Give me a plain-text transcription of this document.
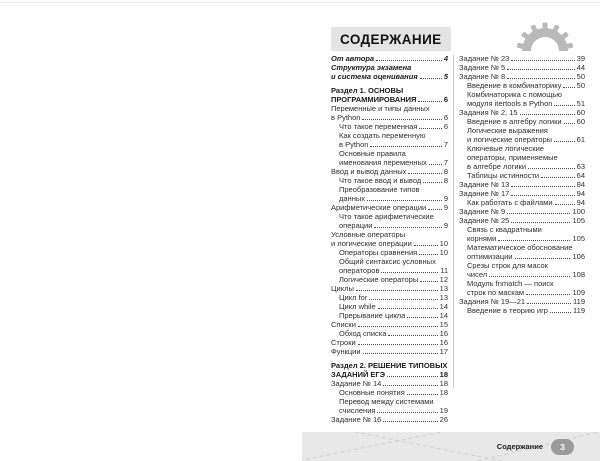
СОДЕРЖАНИЕ
От автора	4
Структура экзамена
и система оценивания	5
Раздел 1. ОСНОВЫ
ПРОГРАММИРОВАНИЯ	6
Переменные и типы данных
в Python	6
Что такое переменная	6
Как создать переменную
в Python	7
Основные правила
именования переменных 7
Ввод и вывод данных	8
Что такое ввод и вывод	8
Преобразование типов
данных	9
Арифметические операции 9
Что такое арифметические
операции	9
Условные операторы
и логические операции	10
Операторы сравнения	10
Общий синтаксис условных
операторов	11
Логические операторы	12
Циклы	13
Цикл for	13
Цикл while	14
Прерывание цикла	14
Списки	15
Обход списка	16
Строки	16
Функции	17
Раздел 2. РЕШЕНИЕ ТИПОВЫХ
ЗАДАНИЙ ЕГЭ	18
Задание № 14	18
Основные понятия	18
Перевод между системами
счисления	19
Задание № 16	26
Задание № 23	39
Задание № 5	44
Задание № 8	50
Введение в комбинаторику 50
Комбинаторика с помощью
модуля itertools в Python	51
Задания № 2, 15	60
Введение в алгебру логики 60
Логические выражения
и логические операторы	61
Ключевые логические
операторы, применяемые
в алгебре логики	63
Таблицы истинности	64
Задание № 13	84
Задание № 17	94
Как работать с файлами	94
Задание № 9	100
Задание № 25	105
Связь с квадратными
корнями	105
Математическое обоснование
оптимизации	106
Срезы строк для масок
чисел	108
Модуль fnmatch — поиск
строк по маскам	109
Задания № 19—21	119
Введение в теорию игр	119
Содержание 3
